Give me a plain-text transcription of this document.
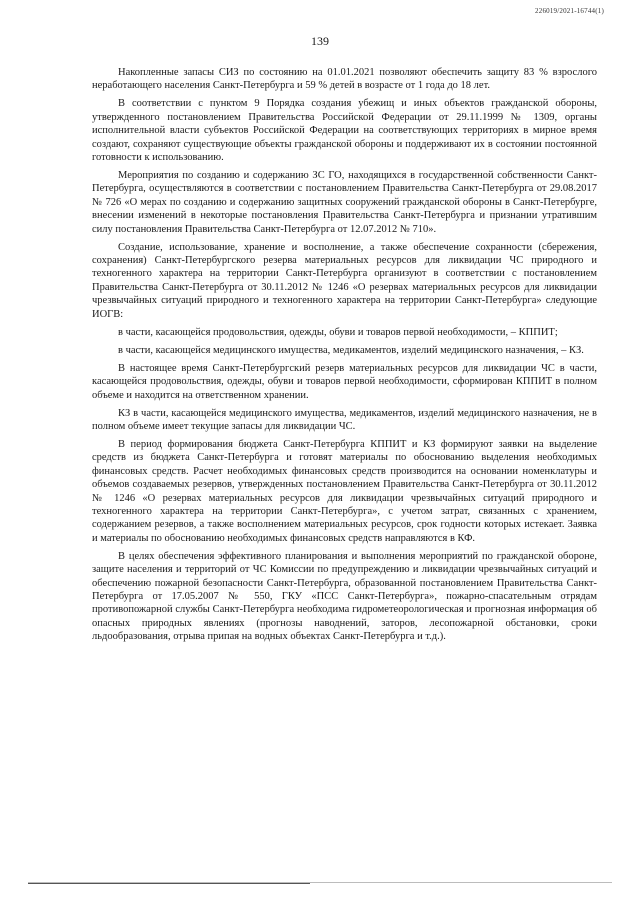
226019/2021-16744(1)
139

Накопленные запасы СИЗ по состоянию на 01.01.2021 позволяют обеспечить защиту 83 % взрослого неработающего населения Санкт-Петербурга и 59 % детей в возрасте от 1 года до 18 лет.

В соответствии с пунктом 9 Порядка создания убежищ и иных объектов гражданской обороны, утвержденного постановлением Правительства Российской Федерации от 29.11.1999 № 1309, органы исполнительной власти субъектов Российской Федерации на соответствующих территориях в мирное время создают, сохраняют существующие объекты гражданской обороны и поддерживают их в состоянии постоянной готовности к использованию.

Мероприятия по созданию и содержанию ЗС ГО, находящихся в государственной собственности Санкт-Петербурга, осуществляются в соответствии с постановлением Правительства Санкт-Петербурга от 29.08.2017 № 726 «О мерах по созданию и содержанию защитных сооружений гражданской обороны в Санкт-Петербурге, внесении изменений в некоторые постановления Правительства Санкт-Петербурга и признании утратившим силу постановления Правительства Санкт-Петербурга от 12.07.2012 № 710».

Создание, использование, хранение и восполнение, а также обеспечение сохранности (сбережения, сохранения) Санкт-Петербургского резерва материальных ресурсов для ликвидации ЧС природного и техногенного характера на территории Санкт-Петербурга организуют в соответствии с постановлением Правительства Санкт-Петербурга от 30.11.2012 № 1246 «О резервах материальных ресурсов для ликвидации чрезвычайных ситуаций природного и техногенного характера на территории Санкт-Петербурга» следующие ИОГВ:

в части, касающейся продовольствия, одежды, обуви и товаров первой необходимости, – КППИТ;

в части, касающейся медицинского имущества, медикаментов, изделий медицинского назначения, – КЗ.

В настоящее время Санкт-Петербургский резерв материальных ресурсов для ликвидации ЧС в части, касающейся продовольствия, одежды, обуви и товаров первой необходимости, сформирован КППИТ в полном объеме и находится на ответственном хранении.

КЗ в части, касающейся медицинского имущества, медикаментов, изделий медицинского назначения, не в полном объеме имеет текущие запасы для ликвидации ЧС.

В период формирования бюджета Санкт-Петербурга КППИТ и КЗ формируют заявки на выделение средств из бюджета Санкт-Петербурга и готовят материалы по обоснованию выделения необходимых финансовых средств. Расчет необходимых финансовых средств производится на основании номенклатуры и объемов создаваемых резервов, утвержденных постановлением Правительства Санкт-Петербурга от 30.11.2012 № 1246 «О резервах материальных ресурсов для ликвидации чрезвычайных ситуаций природного и техногенного характера на территории Санкт-Петербурга», с учетом затрат, связанных с хранением, содержанием резервов, а также восполнением материальных ресурсов, срок годности которых истекает. Заявка и материалы по обоснованию необходимых финансовых средств направляются в КФ.

В целях обеспечения эффективного планирования и выполнения мероприятий по гражданской обороне, защите населения и территорий от ЧС Комиссии по предупреждению и ликвидации чрезвычайных ситуаций и обеспечению пожарной безопасности Санкт-Петербурга, образованной постановлением Правительства Санкт-Петербурга от 17.05.2007 № 550, ГКУ «ПСС Санкт-Петербурга», пожарно-спасательным отрядам противопожарной службы Санкт-Петербурга необходима гидрометеорологическая и прогнозная информация об опасных природных явлениях (прогнозы наводнений, заторов, лесопожарной обстановки, сроки льдообразования, отрыва припая на водных объектах Санкт-Петербурга и т.д.).
